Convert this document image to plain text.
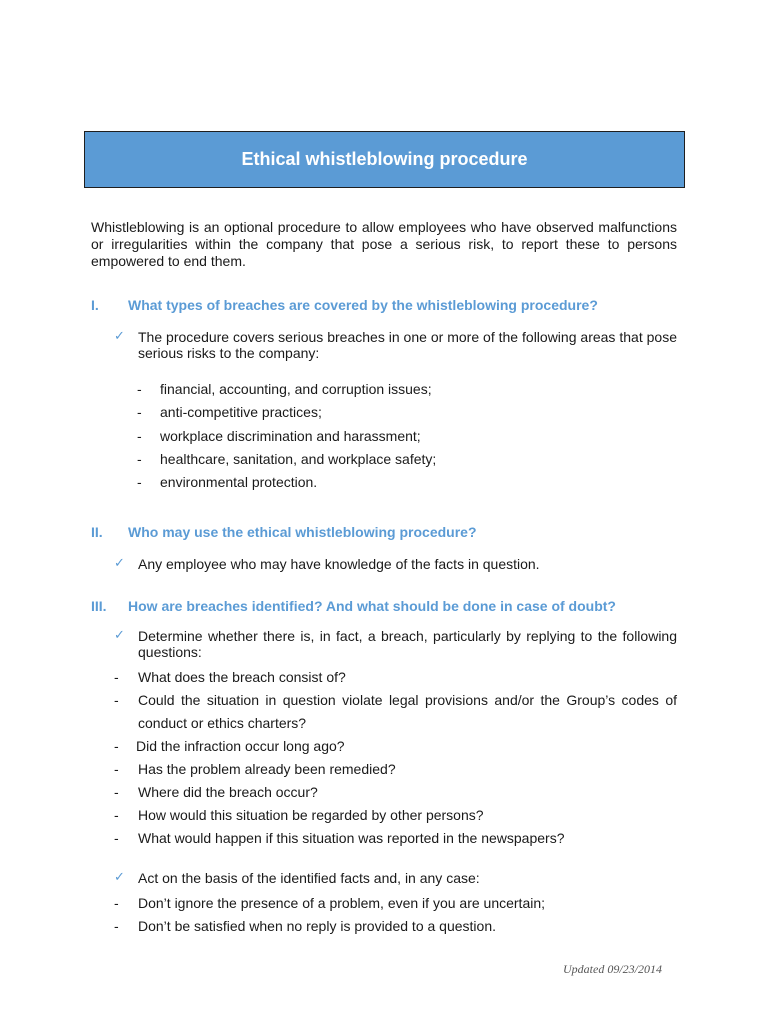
Ethical whistleblowing procedure
Whistleblowing is an optional procedure to allow employees who have observed malfunctions or irregularities within the company that pose a serious risk, to report these to persons empowered to end them.
I. What types of breaches are covered by the whistleblowing procedure?
✓ The procedure covers serious breaches in one or more of the following areas that pose serious risks to the company:
- financial, accounting, and corruption issues;
- anti-competitive practices;
- workplace discrimination and harassment;
- healthcare, sanitation, and workplace safety;
- environmental protection.
II. Who may use the ethical whistleblowing procedure?
✓ Any employee who may have knowledge of the facts in question.
III. How are breaches identified? And what should be done in case of doubt?
✓ Determine whether there is, in fact, a breach, particularly by replying to the following questions:
- What does the breach consist of?
- Could the situation in question violate legal provisions and/or the Group’s codes of conduct or ethics charters?
- Did the infraction occur long ago?
- Has the problem already been remedied?
- Where did the breach occur?
- How would this situation be regarded by other persons?
- What would happen if this situation was reported in the newspapers?
✓ Act on the basis of the identified facts and, in any case:
- Don’t ignore the presence of a problem, even if you are uncertain;
- Don’t be satisfied when no reply is provided to a question.
Updated 09/23/2014
